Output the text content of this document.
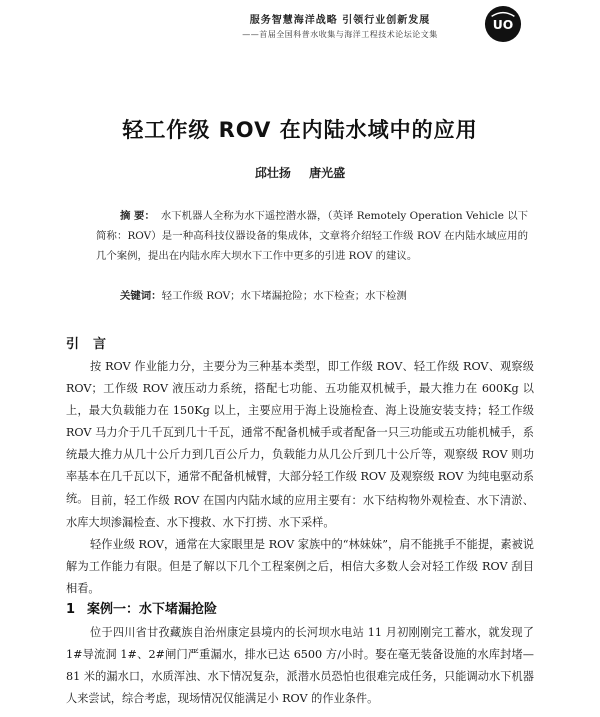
服务智慧海洋战略 引领行业创新发展
——首届全国科普水收集与海洋工程技术论坛论文集
UO
轻工作级 ROV 在内陆水域中的应用
邱壮扬 唐光盛
摘 要： 水下机器人全称为水下遥控潜水器，（英译 Remotely Operation Vehicle 以下简称：ROV）是一种高科技仪器设备的集成体，文章将介绍轻工作级 ROV 在内陆水域应用的几个案例，提出在内陆水库大坝水下工作中更多的引进 ROV 的建议。
关键词：轻工作级 ROV；水下堵漏抢险；水下检查；水下检测
引言

按 ROV 作业能力分，主要分为三种基本类型，即工作级 ROV、轻工作级 ROV、观察级 ROV；工作级 ROV 液压动力系统，搭配七功能、五功能双机械手，最大推力在 600Kg 以上，最大负载能力在 150Kg 以上，主要应用于海上设施检查、海上设施安装支持；轻工作级 ROV 马力介于几千瓦到几十千瓦，通常不配备机械手或者配备一只三功能或五功能机械手，系统最大推力从几十公斤力到几百公斤力，负载能力从几公斤到几十公斤等，观察级 ROV 则功率基本在几千瓦以下，通常不配备机械臂，大部分轻工作级 ROV 及观察级 ROV 为纯电驱动系统。 目前，轻工作级 ROV 在国内内陆水域的应用主要有：水下结构物外观检查、水下清淤、水库大坝渗漏检查、水下搜救、水下打捞、水下采样。

轻作业级 ROV，通常在大家眼里是 ROV 家族中的“林妹妹”，肩不能挑手不能提，素被说解为工作能力有限。但是了解以下几个工程案例之后，相信大多数人会对轻工作级 ROV 刮目相看。

1 案例一：水下堵漏抢险

位于四川省甘孜藏族自治州康定县境内的长河坝水电站 11 月初刚刚完工蓄水，就发现了 1#导流洞 1#、2#闸门严重漏水，排水已达 6500 方/小时。娶在毫无装备设施的水库封堵—81 米的漏水口，水质浑浊、水下情况复杂，派潜水员恐怕也很难完成任务，只能调动水下机器人来尝试，综合考虑，现场情况仅能满足小 ROV 的作业条件。
